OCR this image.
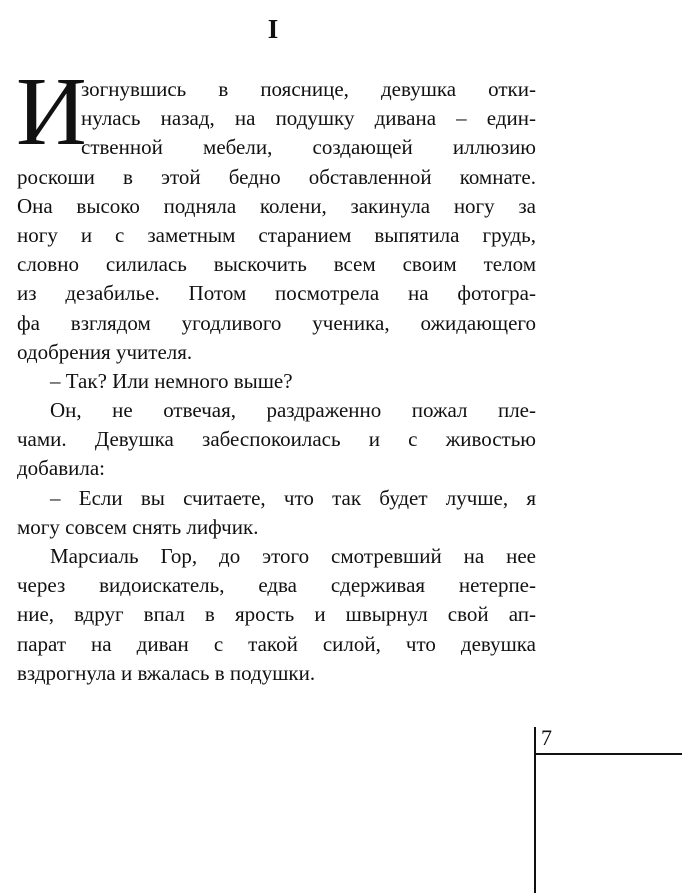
I
И
зогнувшись в пояснице, девушка отки-
нулась назад, на подушку дивана – един-
ственной мебели, создающей иллюзию
роскоши в этой бедно обставленной комнате.
Она высоко подняла колени, закинула ногу за
ногу и с заметным старанием выпятила грудь,
словно силилась выскочить всем своим телом
из дезабилье. Потом посмотрела на фотогра-
фа взглядом угодливого ученика, ожидающего
одобрения учителя.
– Так? Или немного выше?
Он, не отвечая, раздраженно пожал пле-
чами. Девушка забеспокоилась и с живостью
добавила:
– Если вы считаете, что так будет лучше, я
могу совсем снять лифчик.
Марсиаль Гор, до этого смотревший на нее
через видоискатель, едва сдерживая нетерпе-
ние, вдруг впал в ярость и швырнул свой ап-
парат на диван с такой силой, что девушка
вздрогнула и вжалась в подушки.
7
